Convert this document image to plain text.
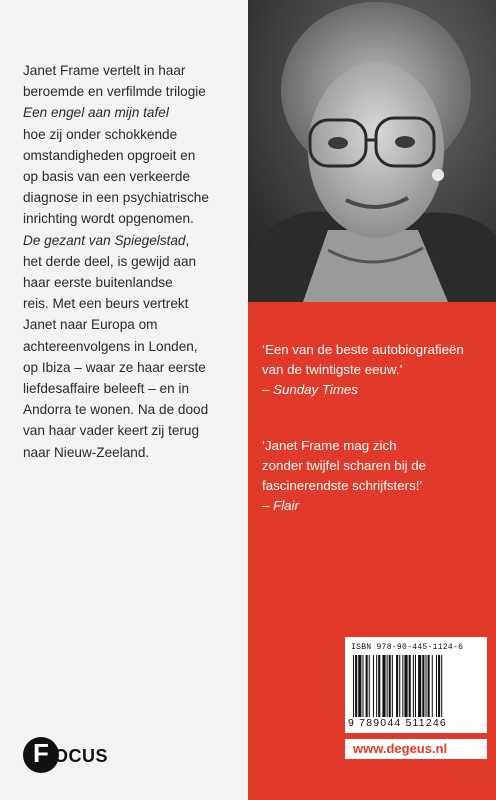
Janet Frame vertelt in haar
beroemde en verfilmde trilogie
Een engel aan mijn tafel
hoe zij onder schokkende
omstandigheden opgroeit en
op basis van een verkeerde
diagnose in een psychiatrische
inrichting wordt opgenomen.
De gezant van Spiegelstad,
het derde deel, is gewijd aan
haar eerste buitenlandse
reis. Met een beurs vertrekt
Janet naar Europa om
achtereenvolgens in Londen,
op Ibiza – waar ze haar eerste
liefdesaffaire beleeft – en in
Andorra te wonen. Na de dood
van haar vader keert zij terug
naar Nieuw-Zeeland.
‘Een van de beste autobiografieën
van de twintigste eeuw.’
– Sunday Times
‘Janet Frame mag zich
zonder twijfel scharen bij de
fascinerendste schrijfsters!’
– Flair
ISBN 978-90-445-1124-6
9 789044 511246
www.degeus.nl
F OCUS
